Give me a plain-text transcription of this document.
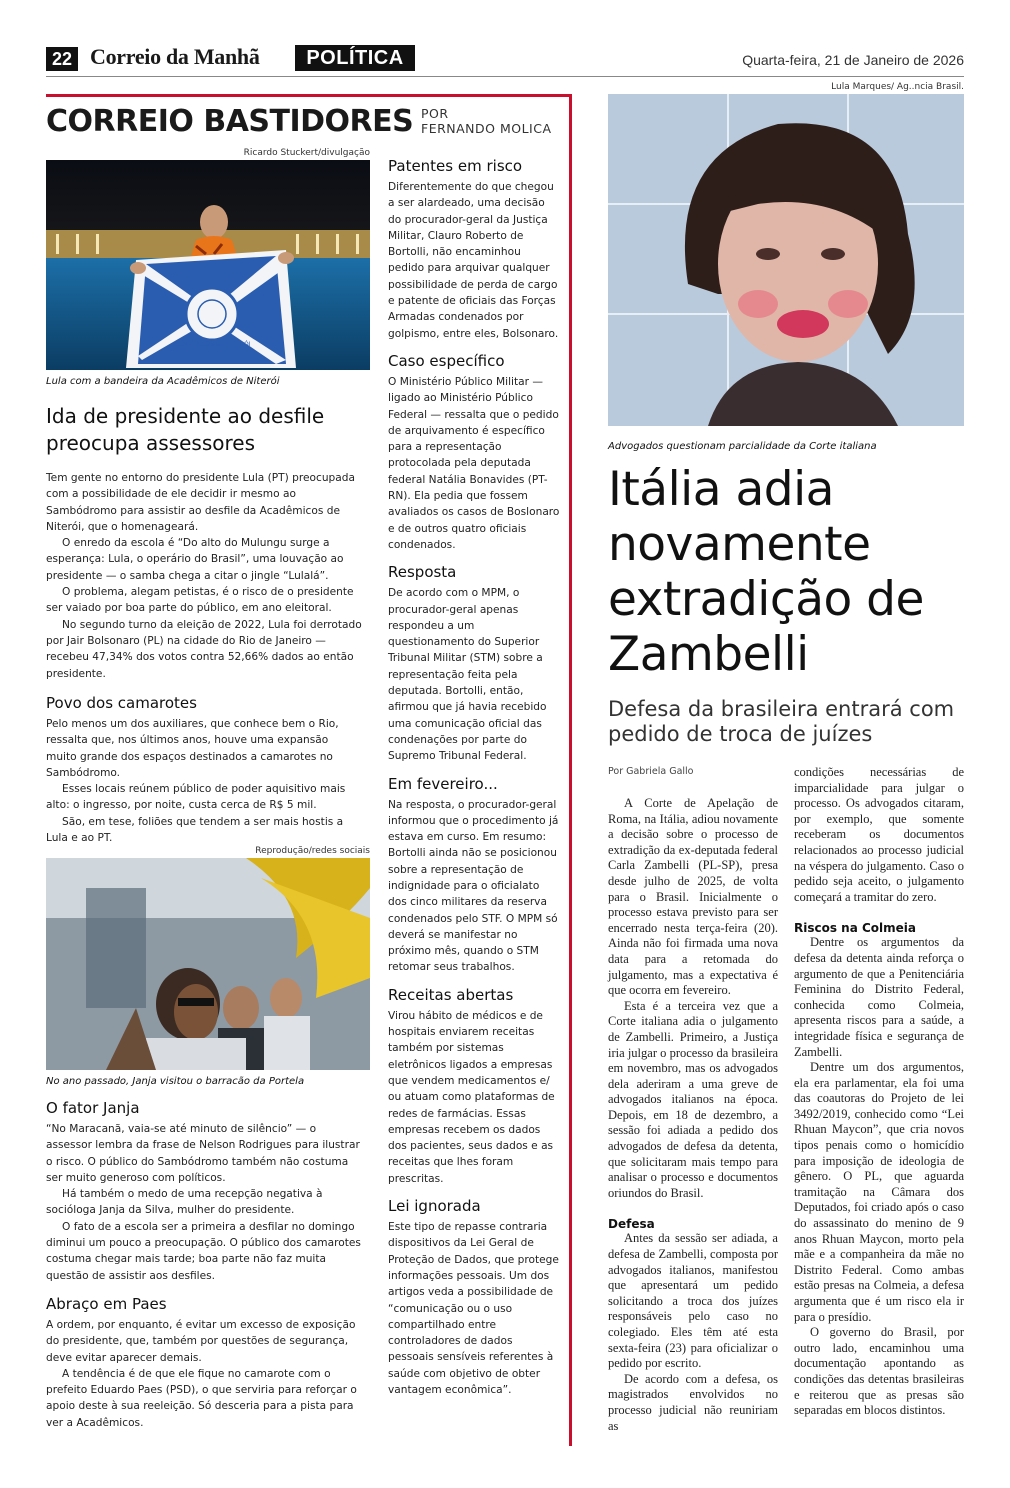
22 Correio da Manhã	POLÍTICA	Quarta-feira, 21 de Janeiro de 2026
CORREIO BASTIDORES POR
FERNANDO MOLICA
Ricardo Stuckert/divulgação
ACADÊMICOS DE NITERÓI
Lula com a bandeira da Acadêmicos de Niterói
Ida de presidente ao desfile preocupa assessores

Tem gente no entorno do presidente Lula (PT) preocupada com a possibilidade de ele decidir ir mesmo ao Sambódromo para assistir ao desfile da Acadêmicos de Niterói, que o homenageará.

O enredo da escola é “Do alto do Mulungu surge a esperança: Lula, o operário do Brasil”, uma louvação ao presidente — o samba chega a citar o jingle “Lulalá”.

O problema, alegam petistas, é o risco de o presidente ser vaiado por boa parte do público, em ano eleitoral.

No segundo turno da eleição de 2022, Lula foi derrotado por Jair Bolsonaro (PL) na cidade do Rio de Janeiro — recebeu 47,34% dos votos contra 52,66% dados ao então presidente.

Povo dos camarotes

Pelo menos um dos auxiliares, que conhece bem o Rio, ressalta que, nos últimos anos, houve uma expansão muito grande dos espaços destinados a camarotes no Sambódromo.

Esses locais reúnem público de poder aquisitivo mais alto: o ingresso, por noite, custa cerca de R$ 5 mil.

São, em tese, foliões que tendem a ser mais hostis a Lula e ao PT.

Reprodução/redes sociais
No ano passado, Janja visitou o barracão da Portela
O fator Janja

“No Maracanã, vaia-se até minuto de silêncio” — o assessor lembra da frase de Nelson Rodrigues para ilustrar o risco. O público do Sambódromo também não costuma ser muito generoso com políticos.

Há também o medo de uma recepção negativa à socióloga Janja da Silva, mulher do presidente.

O fato de a escola ser a primeira a desfilar no domingo diminui um pouco a preocupação. O público dos camarotes costuma chegar mais tarde; boa parte não faz muita questão de assistir aos desfiles.

Abraço em Paes

A ordem, por enquanto, é evitar um excesso de exposição do presidente, que, também por questões de segurança, deve evitar aparecer demais.

A tendência é de que ele fique no camarote com o prefeito Eduardo Paes (PSD), o que serviria para reforçar o apoio deste à sua reeleição. Só desceria para a pista para ver a Acadêmicos.

Patentes em risco
Diferentemente do que chegou a ser alardeado, uma decisão do procurador-geral da Justiça Militar, Clauro Roberto de Bortolli, não encaminhou pedido para arquivar qualquer possibilidade de perda de cargo e patente de oficiais das Forças Armadas condenados por golpismo, entre eles, Bolsonaro.
Caso específico
O Ministério Público Militar — ligado ao Ministério Público Federal — ressalta que o pedido de arquivamento é específico para a representação protocolada pela deputada federal Natália Bonavides (PT-RN). Ela pedia que fossem avaliados os casos de Boslonaro e de outros quatro oficiais condenados.
Resposta
De acordo com o MPM, o procurador-geral apenas respondeu a um questionamento do Superior Tribunal Militar (STM) sobre a representação feita pela deputada. Bortolli, então, afirmou que já havia recebido uma comunicação oficial das condenações por parte do Supremo Tribunal Federal.
Em fevereiro...
Na resposta, o procurador-geral informou que o procedimento já estava em curso. Em resumo: Bortolli ainda não se posicionou sobre a representação de indignidade para o oficialato dos cinco militares da reserva condenados pelo STF. O MPM só deverá se manifestar no próximo mês, quando o STM retomar seus trabalhos.
Receitas abertas
Virou hábito de médicos e de hospitais enviarem receitas também por sistemas eletrônicos ligados a empresas que vendem medicamentos e/ ou atuam como plataformas de redes de farmácias. Essas empresas recebem os dados dos pacientes, seus dados e as receitas que lhes foram prescritas.
Lei ignorada
Este tipo de repasse contraria dispositivos da Lei Geral de Proteção de Dados, que protege informações pessoais. Um dos artigos veda a possibilidade de “comunicação ou o uso compartilhado entre controladores de dados pessoais sensíveis referentes à saúde com objetivo de obter vantagem econômica”.
Lula Marques/ Ag..ncia Brasil.
Advogados questionam parcialidade da Corte italiana
Itália adia novamente extradição de Zambelli
Defesa da brasileira entrará com pedido de troca de juízes
Por Gabriela Gallo

A Corte de Apelação de Roma, na Itália, adiou novamente a decisão sobre o processo de extradição da ex-deputada federal Carla Zambelli (PL-SP), presa desde julho de 2025, de volta para o Brasil. Inicialmente o processo estava previsto para ser encerrado nesta terça-feira (20). Ainda não foi firmada uma nova data para a retomada do julgamento, mas a expectativa é que ocorra em fevereiro.

Esta é a terceira vez que a Corte italiana adia o julgamento de Zambelli. Primeiro, a Justiça iria julgar o processo da brasileira em novembro, mas os advogados dela aderiram a uma greve de advogados italianos na época. Depois, em 18 de dezembro, a sessão foi adiada a pedido dos advogados de defesa da detenta, que solicitaram mais tempo para analisar o processo e documentos oriundos do Brasil.

Defesa

Antes da sessão ser adiada, a defesa de Zambelli, composta por advogados italianos, manifestou que apresentará um pedido solicitando a troca dos juízes responsáveis pelo caso no colegiado. Eles têm até esta sexta-feira (23) para oficializar o pedido por escrito.

De acordo com a defesa, os magistrados envolvidos no processo judicial não reuniriam as

condições necessárias de imparcialidade para julgar o processo. Os advogados citaram, por exemplo, que somente receberam os documentos relacionados ao processo judicial na véspera do julgamento. Caso o pedido seja aceito, o julgamento começará a tramitar do zero.

Riscos na Colmeia

Dentre os argumentos da defesa da detenta ainda reforça o argumento de que a Penitenciária Feminina do Distrito Federal, conhecida como Colmeia, apresenta riscos para a saúde, a integridade física e segurança de Zambelli.

Dentre um dos argumentos, ela era parlamentar, ela foi uma das coautoras do Projeto de lei 3492/2019, conhecido como “Lei Rhuan Maycon”, que cria novos tipos penais como o homicídio para imposição de ideologia de gênero. O PL, que aguarda tramitação na Câmara dos Deputados, foi criado após o caso do assassinato do menino de 9 anos Rhuan Maycon, morto pela mãe e a companheira da mãe no Distrito Federal. Como ambas estão presas na Colmeia, a defesa argumenta que é um risco ela ir para o presídio.

O governo do Brasil, por outro lado, encaminhou uma documentação apontando as condições das detentas brasileiras e reiterou que as presas são separadas em blocos distintos.
